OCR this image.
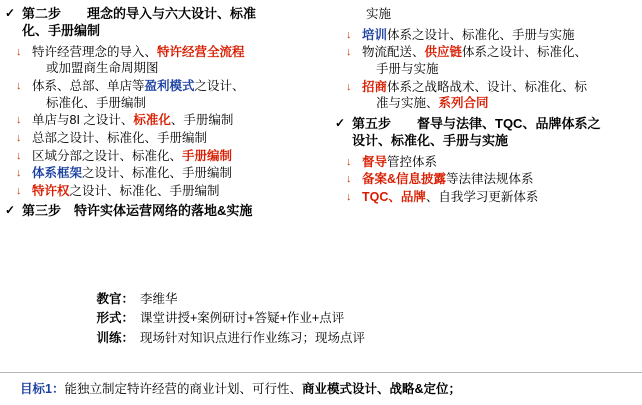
✓ 第二步　　理念的导入与六大设计、标准
化、手册编制
↓ 特许经营理念的导入、特许经营全流程
或加盟商生命周期图
↓ 体系、总部、单店等盈利模式之设计、
标准化、手册编制
↓ 单店与8I 之设计、标准化、手册编制
↓ 总部之设计、标准化、手册编制
↓ 区域分部之设计、标准化、手册编制
↓ 体系框架之设计、标准化、手册编制
↓ 特许权之设计、标准化、手册编制
✓ 第三步　特许实体运营网络的落地&实施
实施
↓ 培训体系之设计、标准化、手册与实施
↓ 物流配送、供应链体系之设计、标准化、
手册与实施
↓ 招商体系之战略战术、设计、标准化、标
准与实施、系列合同
✓ 第五步　　督导与法律、TQC、品牌体系之
设计、标准化、手册与实施
↓ 督导管控体系
↓ 备案&信息披露等法律法规体系
↓ TQC、品牌、自我学习更新体系
教官： 李维华
形式： 课堂讲授+案例研讨+答疑+作业+点评
训练： 现场针对知识点进行作业练习；现场点评
目标1：能独立制定特许经营的商业计划、可行性、商业模式设计、战略&定位；
